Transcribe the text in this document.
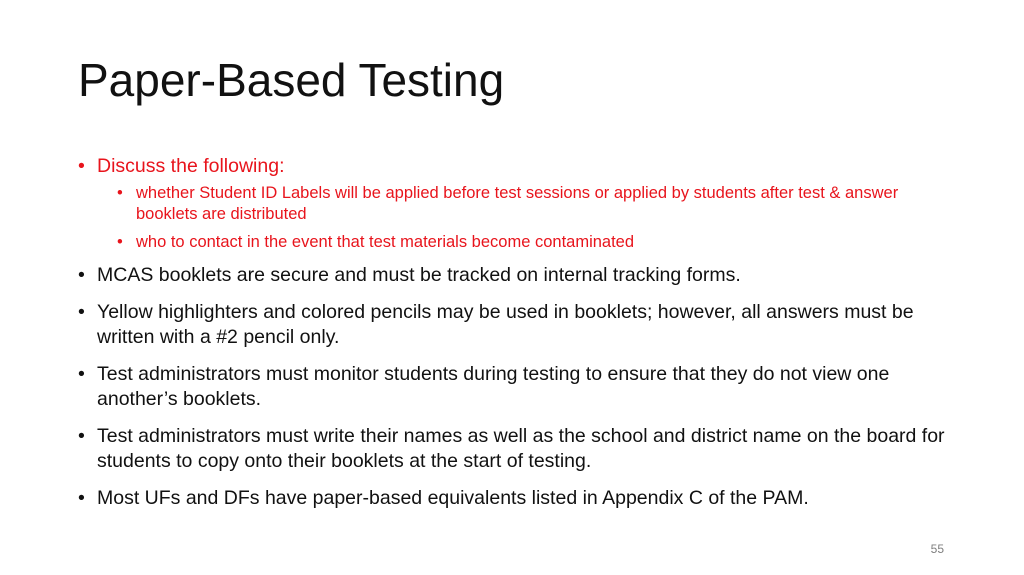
Paper-Based Testing
• Discuss the following:
• whether Student ID Labels will be applied before test sessions or applied by students after test & answer booklets are distributed
• who to contact in the event that test materials become contaminated
• MCAS booklets are secure and must be tracked on internal tracking forms.
• Yellow highlighters and colored pencils may be used in booklets; however, all answers must be written with a #2 pencil only.
• Test administrators must monitor students during testing to ensure that they do not view one another’s booklets.
• Test administrators must write their names as well as the school and district name on the board for students to copy onto their booklets at the start of testing.
• Most UFs and DFs have paper-based equivalents listed in Appendix C of the PAM.
55
